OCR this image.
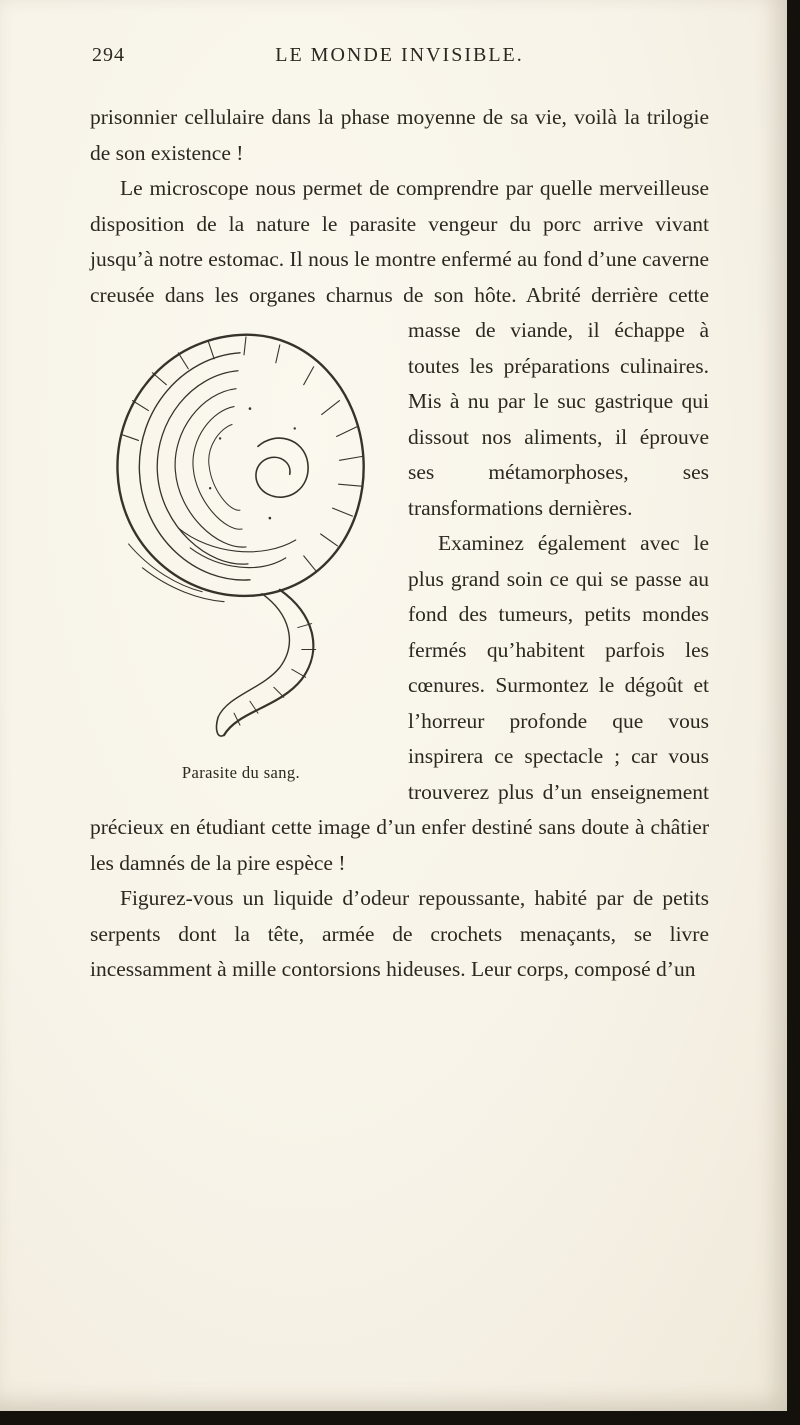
294	LE MONDE INVISIBLE.

prisonnier cellulaire dans la phase moyenne de sa vie, voilà la trilogie de son existence !

Le microscope nous permet de comprendre par quelle merveilleuse disposition de la nature le parasite vengeur du porc arrive vivant jusqu’à notre estomac. Il nous le montre enfermé au fond d’une caverne creusée dans les organes charnus de son hôte. Abrité derrière cette masse de viande, il échappe à
Parasite du sang.
toutes les préparations culinaires. Mis à nu par le suc gastrique qui dissout nos aliments, il éprouve ses métamorphoses, ses transformations dernières.

Examinez également avec le plus grand soin ce qui se passe au fond des tumeurs, petits mondes fermés qu’habitent parfois les cœnures. Surmontez le dégoût et l’horreur profonde que vous inspirera ce spectacle ; car vous trouverez plus d’un enseignement précieux en étudiant cette image d’un enfer destiné sans doute à châtier les damnés de la pire espèce !

Figurez-vous un liquide d’odeur repoussante, habité par de petits serpents dont la tête, armée de crochets menaçants, se livre incessamment à mille contorsions hideuses. Leur corps, composé d’un
